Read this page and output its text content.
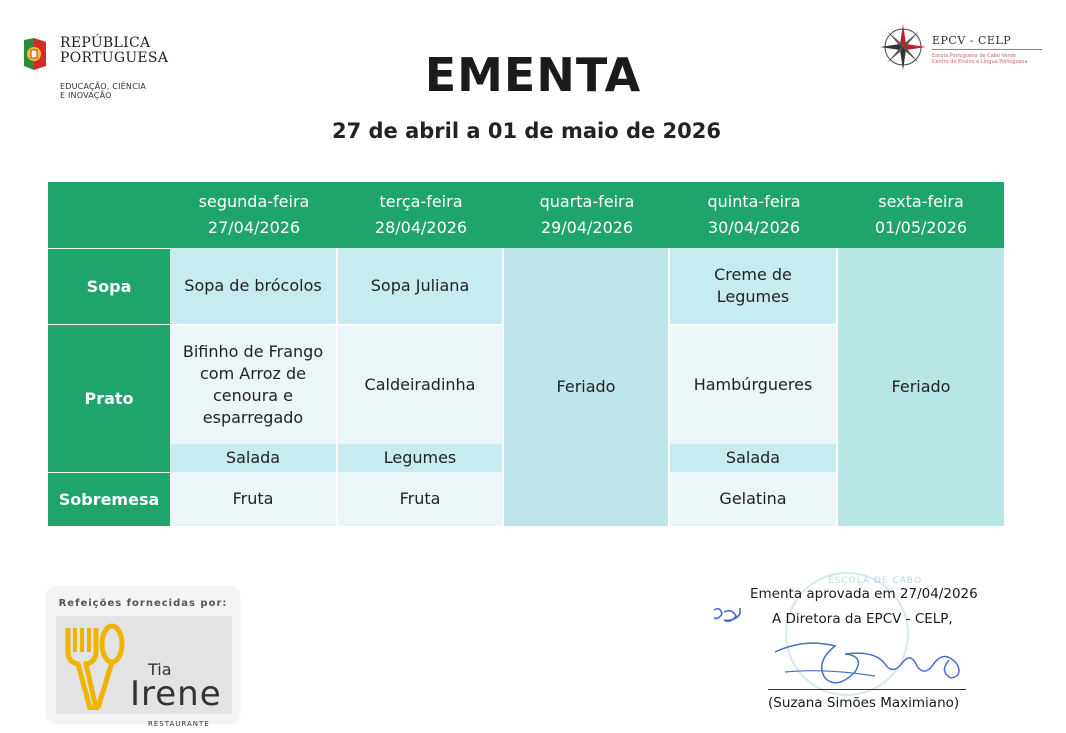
REPÚBLICA
PORTUGUESA
EDUCAÇÃO, CIÊNCIA
E INOVAÇÃO
EPCV - CELP
Escola Portuguesa de Cabo Verde
Centro de Ensino e Língua Portuguesa
EMENTA
27 de abril a 01 de maio de 2026
segunda-feira
27/04/2026
terça-feira
28/04/2026
quarta-feira
29/04/2026
quinta-feira
30/04/2026
sexta-feira
01/05/2026
Sopa
Prato
Sobremesa
Sopa de brócolos
Bifinho de Frango
com Arroz de
cenoura e
esparregado
Salada
Fruta
Sopa Juliana
Caldeiradinha
Legumes
Fruta
Feriado
Creme de
Legumes
Hambúrgueres
Salada
Gelatina
Feriado
Refeições fornecidas por:
Tia
Irene
RESTAURANTE
ESCOLA DE CABO
Ementa aprovada em 27/04/2026
A Diretora da EPCV - CELP,
(Suzana Simões Maximiano)
